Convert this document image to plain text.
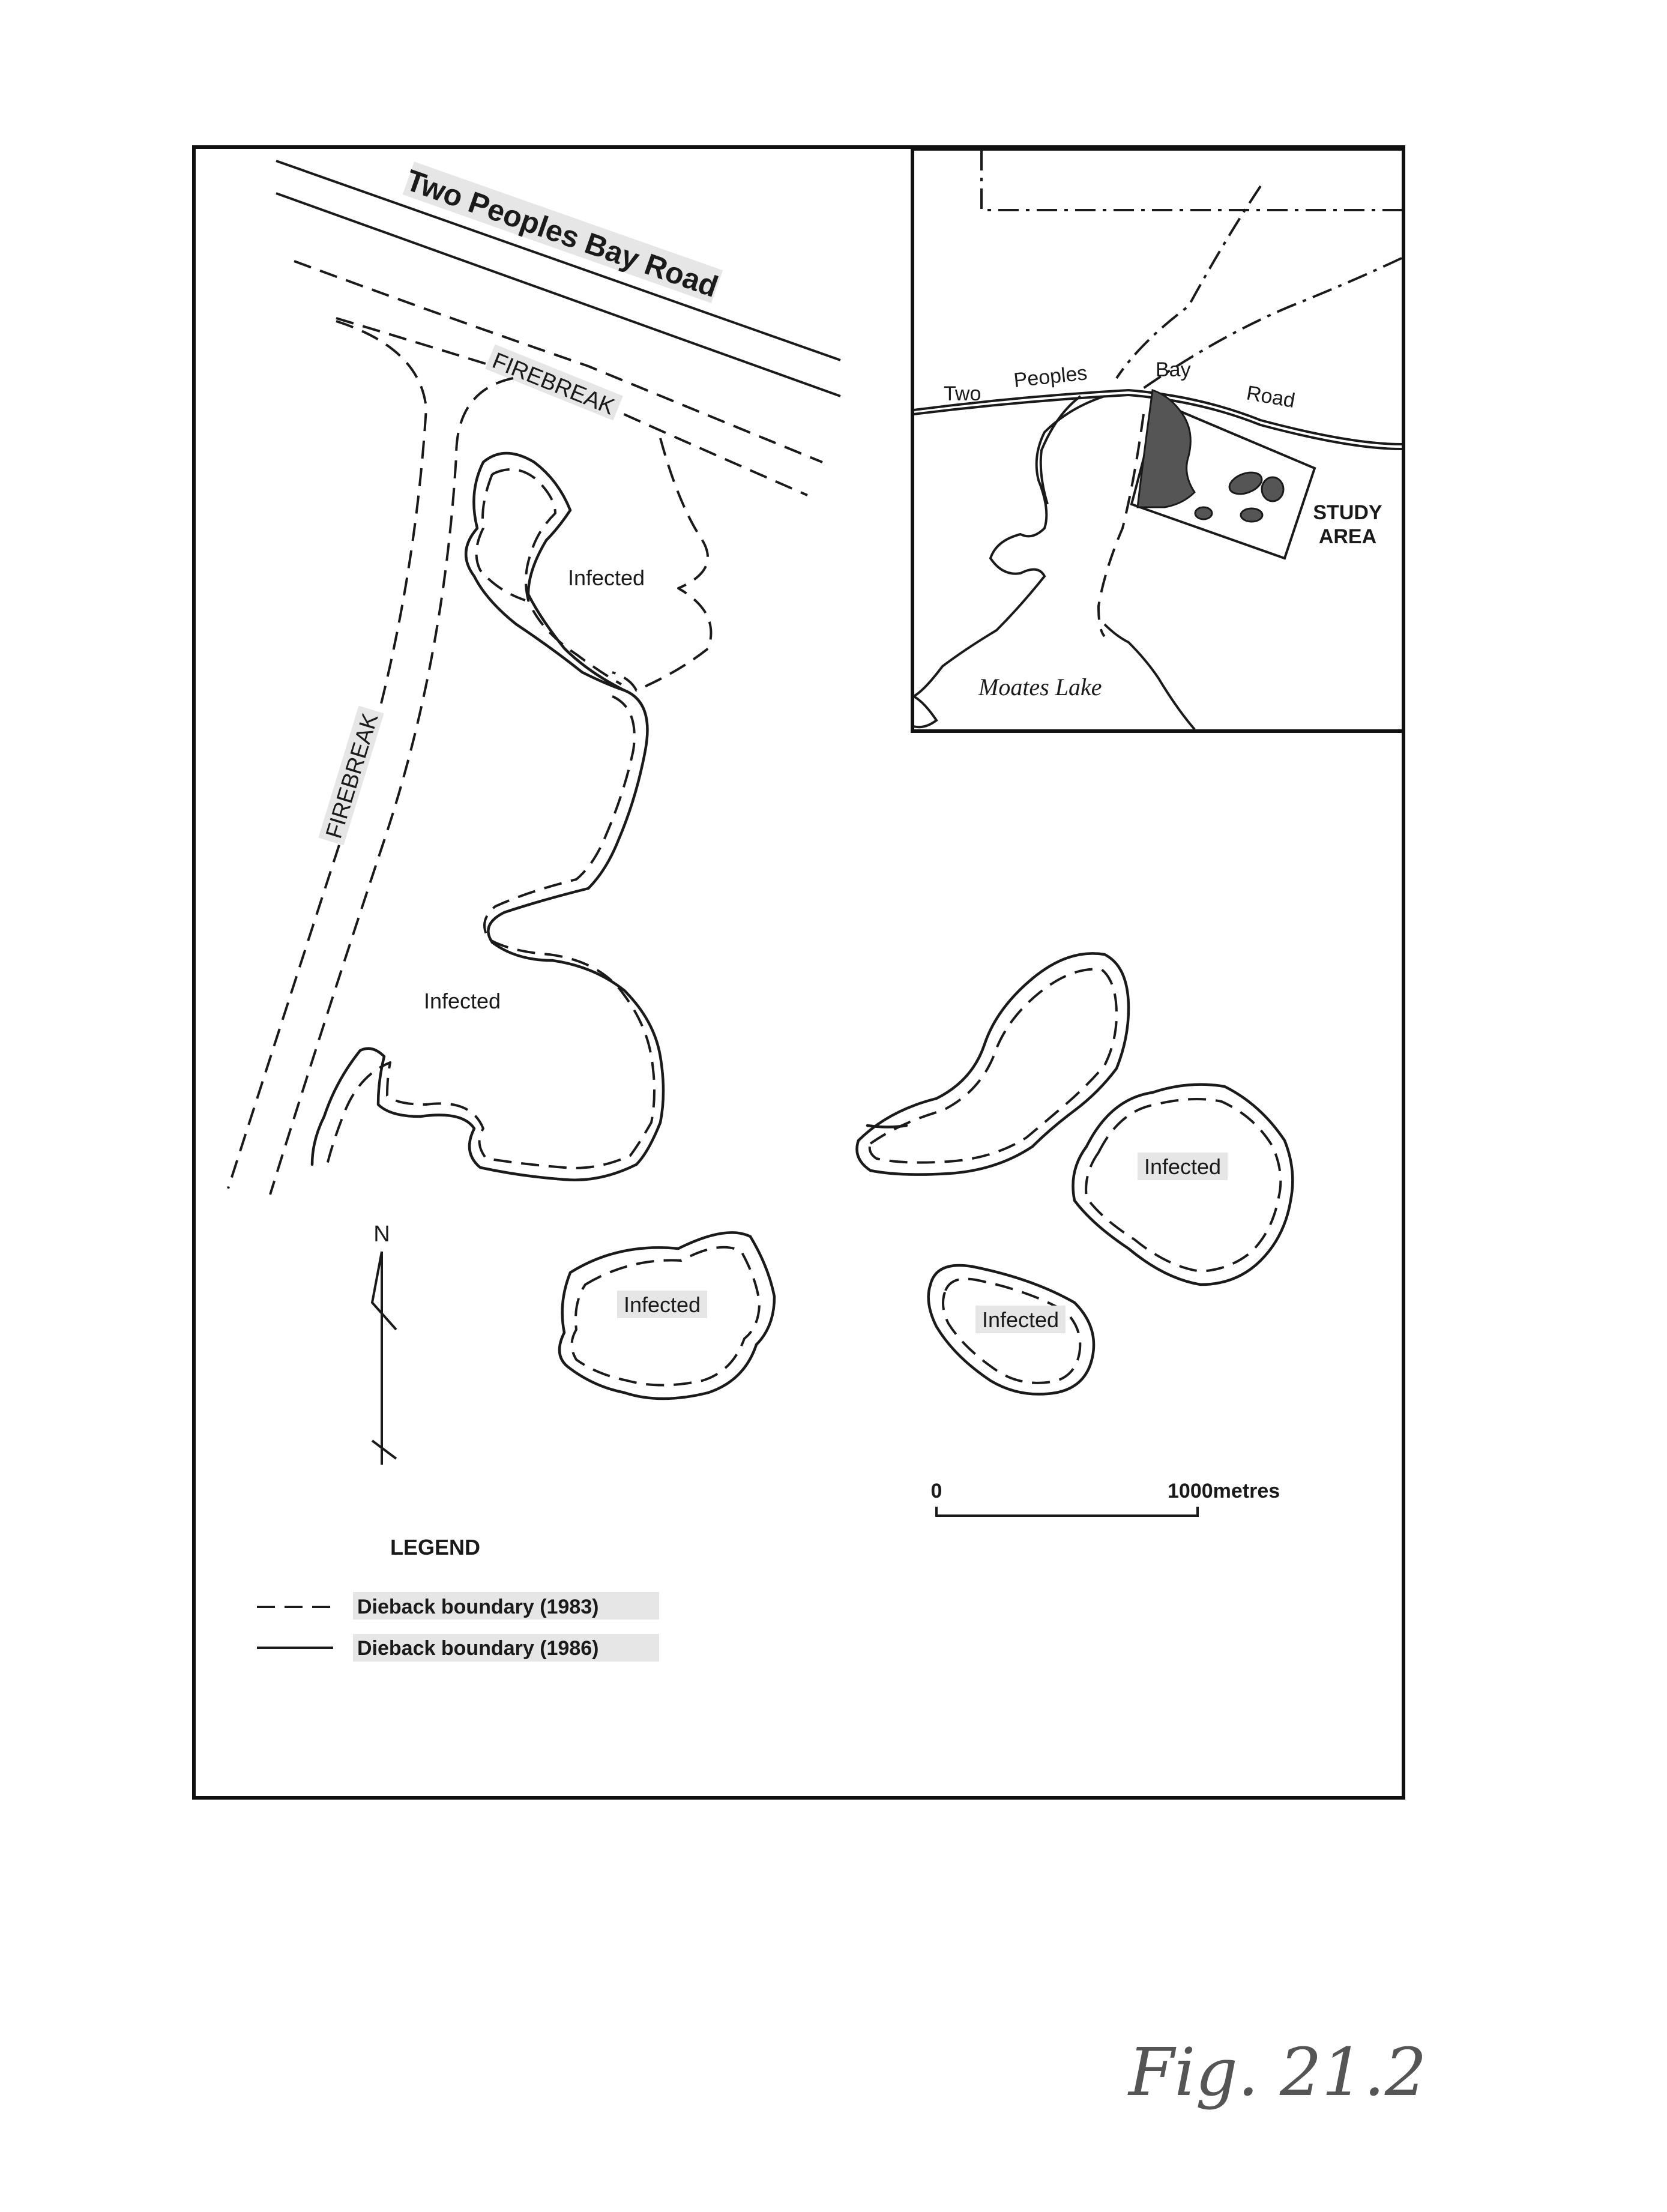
Two Peoples Bay Road
FIREBREAK
FIREBREAK
Infected
Infected
Infected
Infected
Infected
N
0	1000metres
LEGEND
Dieback boundary (1983)
Dieback boundary (1986)
Two
Peoples	Bay
Road
Moates Lake
STUDY
AREA
Fig. 21.2
